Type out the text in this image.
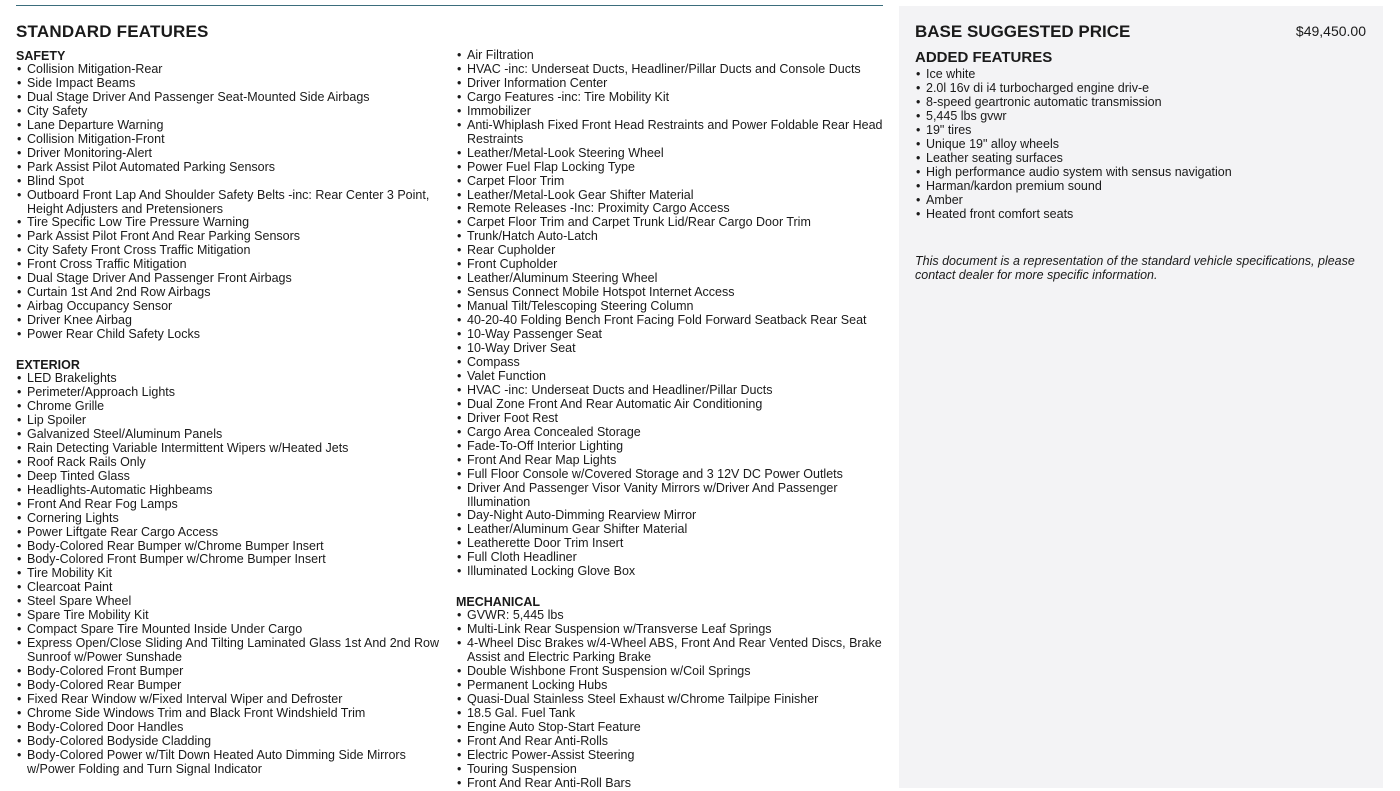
STANDARD FEATURES
SAFETY
• Collision Mitigation-Rear
• Side Impact Beams
• Dual Stage Driver And Passenger Seat-Mounted Side Airbags
• City Safety
• Lane Departure Warning
• Collision Mitigation-Front
• Driver Monitoring-Alert
• Park Assist Pilot Automated Parking Sensors
• Blind Spot
• Outboard Front Lap And Shoulder Safety Belts -inc: Rear Center 3 Point, Height Adjusters and Pretensioners
• Tire Specific Low Tire Pressure Warning
• Park Assist Pilot Front And Rear Parking Sensors
• City Safety Front Cross Traffic Mitigation
• Front Cross Traffic Mitigation
• Dual Stage Driver And Passenger Front Airbags
• Curtain 1st And 2nd Row Airbags
• Airbag Occupancy Sensor
• Driver Knee Airbag
• Power Rear Child Safety Locks
EXTERIOR
• LED Brakelights
• Perimeter/Approach Lights
• Chrome Grille
• Lip Spoiler
• Galvanized Steel/Aluminum Panels
• Rain Detecting Variable Intermittent Wipers w/Heated Jets
• Roof Rack Rails Only
• Deep Tinted Glass
• Headlights-Automatic Highbeams
• Front And Rear Fog Lamps
• Cornering Lights
• Power Liftgate Rear Cargo Access
• Body-Colored Rear Bumper w/Chrome Bumper Insert
• Body-Colored Front Bumper w/Chrome Bumper Insert
• Tire Mobility Kit
• Clearcoat Paint
• Steel Spare Wheel
• Spare Tire Mobility Kit
• Compact Spare Tire Mounted Inside Under Cargo
• Express Open/Close Sliding And Tilting Laminated Glass 1st And 2nd Row Sunroof w/Power Sunshade
• Body-Colored Front Bumper
• Body-Colored Rear Bumper
• Fixed Rear Window w/Fixed Interval Wiper and Defroster
• Chrome Side Windows Trim and Black Front Windshield Trim
• Body-Colored Door Handles
• Body-Colored Bodyside Cladding
• Body-Colored Power w/Tilt Down Heated Auto Dimming Side Mirrors w/Power Folding and Turn Signal Indicator
• Air Filtration
• HVAC -inc: Underseat Ducts, Headliner/Pillar Ducts and Console Ducts
• Driver Information Center
• Cargo Features -inc: Tire Mobility Kit
• Immobilizer
• Anti-Whiplash Fixed Front Head Restraints and Power Foldable Rear Head Restraints
• Leather/Metal-Look Steering Wheel
• Power Fuel Flap Locking Type
• Carpet Floor Trim
• Leather/Metal-Look Gear Shifter Material
• Remote Releases -Inc: Proximity Cargo Access
• Carpet Floor Trim and Carpet Trunk Lid/Rear Cargo Door Trim
• Trunk/Hatch Auto-Latch
• Rear Cupholder
• Front Cupholder
• Leather/Aluminum Steering Wheel
• Sensus Connect Mobile Hotspot Internet Access
• Manual Tilt/Telescoping Steering Column
• 40-20-40 Folding Bench Front Facing Fold Forward Seatback Rear Seat
• 10-Way Passenger Seat
• 10-Way Driver Seat
• Compass
• Valet Function
• HVAC -inc: Underseat Ducts and Headliner/Pillar Ducts
• Dual Zone Front And Rear Automatic Air Conditioning
• Driver Foot Rest
• Cargo Area Concealed Storage
• Fade-To-Off Interior Lighting
• Front And Rear Map Lights
• Full Floor Console w/Covered Storage and 3 12V DC Power Outlets
• Driver And Passenger Visor Vanity Mirrors w/Driver And Passenger Illumination
• Day-Night Auto-Dimming Rearview Mirror
• Leather/Aluminum Gear Shifter Material
• Leatherette Door Trim Insert
• Full Cloth Headliner
• Illuminated Locking Glove Box
MECHANICAL
• GVWR: 5,445 lbs
• Multi-Link Rear Suspension w/Transverse Leaf Springs
• 4-Wheel Disc Brakes w/4-Wheel ABS, Front And Rear Vented Discs, Brake Assist and Electric Parking Brake
• Double Wishbone Front Suspension w/Coil Springs
• Permanent Locking Hubs
• Quasi-Dual Stainless Steel Exhaust w/Chrome Tailpipe Finisher
• 18.5 Gal. Fuel Tank
• Engine Auto Stop-Start Feature
• Front And Rear Anti-Rolls
• Electric Power-Assist Steering
• Touring Suspension
• Front And Rear Anti-Roll Bars
BASE SUGGESTED PRICE	$49,450.00
ADDED FEATURES
• Ice white
• 2.0l 16v di i4 turbocharged engine driv-e
• 8-speed geartronic automatic transmission
• 5,445 lbs gvwr
• 19" tires
• Unique 19" alloy wheels
• Leather seating surfaces
• High performance audio system with sensus navigation
• Harman/kardon premium sound
• Amber
• Heated front comfort seats
This document is a representation of the standard vehicle specifications, please contact dealer for more specific information.
